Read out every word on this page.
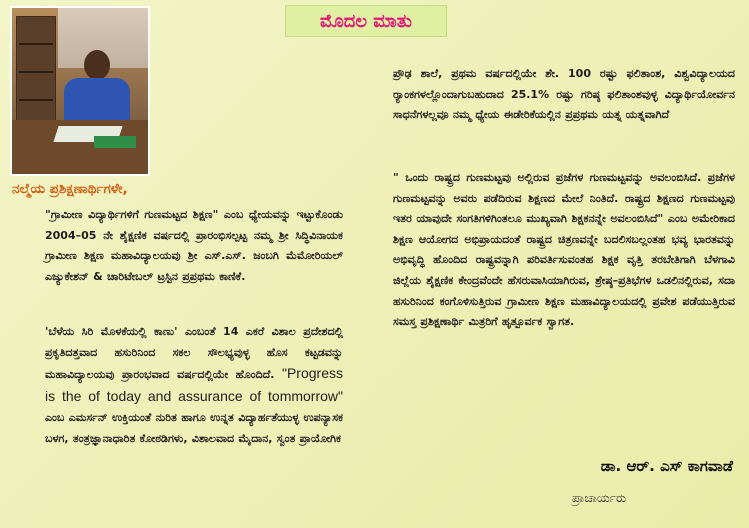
ಮೊದಲ ಮಾತು
ನಲ್ಮೆಯ ಪ್ರಶಿಕ್ಷಣಾರ್ಥಿಗಳೇ,

"ಗ್ರಾಮೀಣ ವಿದ್ಯಾರ್ಥಿಗಳಿಗೆ ಗುಣಮಟ್ಟದ ಶಿಕ್ಷಣ" ಎಂಬ ಧ್ಯೇಯವನ್ನು ಇಟ್ಟುಕೊಂಡು 2004–05 ನೇ ಶೈಕ್ಷಣಿಕ ವರ್ಷದಲ್ಲಿ ಪ್ರಾರಂಭಿಸಲ್ಪಟ್ಟ ನಮ್ಮ ಶ್ರೀ ಸಿದ್ಧಿವಿನಾಯಕ ಗ್ರಾಮೀಣ ಶಿಕ್ಷಣ ಮಹಾವಿದ್ಯಾಲಯವು ಶ್ರೀ ಎಸ್.ಎಸ್. ಜಂಬಗಿ ಮೆಮೋರಿಯಲ್ ಎಜ್ಯುಕೇಶನ್ & ಚಾರಿಟೇಬಲ್ ಟ್ರಸ್ಟಿನ ಪ್ರಪ್ರಥಮ ಕಾಣಿಕೆ.

'ಬೆಳೆಯ ಸಿರಿ ಮೊಳಕೆಯಲ್ಲಿ ಕಾಣು' ಎಂಬಂತೆ 14 ಎಕರೆ ವಿಶಾಲ ಪ್ರದೇಶದಲ್ಲಿ ಪ್ರಕೃತಿದತ್ತವಾದ ಹಸುರಿನಿಂದ ಸಕಲ ಸೌಲಭ್ಯವುಳ್ಳ ಹೊಸ ಕಟ್ಟಡವನ್ನು ಮಹಾವಿದ್ಯಾಲಯವು ಪ್ರಾರಂಭವಾದ ವರ್ಷದಲ್ಲಿಯೇ ಹೊಂದಿದೆ. "Progress is the of today and assurance of tommorrow" ಎಂಬ ಎಮರ್ಸನ್ ಉಕ್ತಿಯಂತೆ ನುರಿತ ಹಾಗೂ ಉನ್ನತ ವಿದ್ಯಾರ್ಹತೆಯುಳ್ಳ ಉಪನ್ಯಾಸಕ ಬಳಗ, ತಂತ್ರಜ್ಞಾನಾಧಾರಿತ ಕೋಠಡಿಗಳು, ವಿಶಾಲವಾದ ಮೈದಾನ, ಸ್ವಂತ ಪ್ರಾಯೋಗಿಕ

ಪ್ರೌಢ ಶಾಲೆ, ಪ್ರಥಮ ವರ್ಷದಲ್ಲಿಯೇ ಶೇ. 100 ರಷ್ಟು ಫಲಿತಾಂಶ, ವಿಶ್ವವಿದ್ಯಾಲಯದ ರ್‍ಯಾಂಕಗಳಲ್ಲೊಂದಾಗುಬಹುದಾದ 25.1% ರಷ್ಟು ಗರಿಷ್ಠ ಫಲಿತಾಂಶವುಳ್ಳ ವಿದ್ಯಾರ್ಥಿಯೋರ್ವನ ಸಾಧನೆಗಳಲ್ಲವೂ ನಮ್ಮ ಧ್ಯೇಯ ಈಡೇರಿಕೆಯಲ್ಲಿನ ಪ್ರಪ್ರಥಮ ಯತ್ನ ಯತ್ನವಾಗಿದೆ

" ಒಂದು ರಾಷ್ಟ್ರದ ಗುಣಮಟ್ಟವು ಅಲ್ಲಿರುವ ಪ್ರಜೆಗಳ ಗುಣಮಟ್ಟವನ್ನು ಅವಲಂಬಿಸಿದೆ. ಪ್ರಜೆಗಳ ಗುಣಮಟ್ಟವನ್ನು ಅವರು ಪಡೆದಿರುವ ಶಿಕ್ಷಣದ ಮೇಲೆ ನಿಂತಿದೆ. ರಾಷ್ಟ್ರದ ಶಿಕ್ಷಣದ ಗುಣಮಟ್ಟವು ಇತರ ಯಾವುದೇ ಸಂಗತಿಗಳಿಗಿಂತಲೂ ಮುಖ್ಯವಾಗಿ ಶಿಕ್ಷಕನನ್ನೇ ಅವಲಂಬಿಸಿದೆ" ಎಂಬ ಅಮೇರಿಕಾದ ಶಿಕ್ಷಣ ಆಯೋಗದ ಅಭಿಪ್ರಾಯದಂತೆ ರಾಷ್ಟ್ರದ ಚಿತ್ರಣವನ್ನೇ ಬದಲಿಸಬಲ್ಲಂತಹ ಭವ್ಯ ಭಾರತವನ್ನು ಅಭಿವೃದ್ಧಿ ಹೊಂದಿದ ರಾಷ್ಟ್ರವನ್ನಾಗಿ ಪರಿವರ್ತಿಸುವಂತಹ ಶಿಕ್ಷಕ ವೃತ್ತಿ ತರಬೇತಿಗಾಗಿ ಬೆಳಗಾವಿ ಜಿಲ್ಲೆಯ ಶೈಕ್ಷಣಿಕ ಕೇಂದ್ರವೆಂದೇ ಹೆಸರುವಾಸಿಯಾಗಿರುವ, ಶ್ರೇಷ್ಠ–ಪ್ರತಿಭೆಗಳ ಒಡಲಿನಲ್ಲಿರುವ, ಸದಾ ಹಸುರಿನಿಂದ ಕಂಗೊಳಿಸುತ್ತಿರುವ ಗ್ರಾಮೀಣ ಶಿಕ್ಷಣ ಮಹಾವಿದ್ಯಾಲಯದಲ್ಲಿ ಪ್ರವೇಶ ಪಡೆಯುತ್ತಿರುವ ಸಮಸ್ತ ಪ್ರಶಿಕ್ಷಣಾರ್ಥಿ ಮಿತ್ರರಿಗೆ ಹೃತ್ಪೂರ್ವಕ ಸ್ವಾಗತ.

ಡಾ. ಆರ್. ಎಸ್ ಕಾಗವಾಡೆ
ಪ್ರಾಚಾರ್ಯರು
